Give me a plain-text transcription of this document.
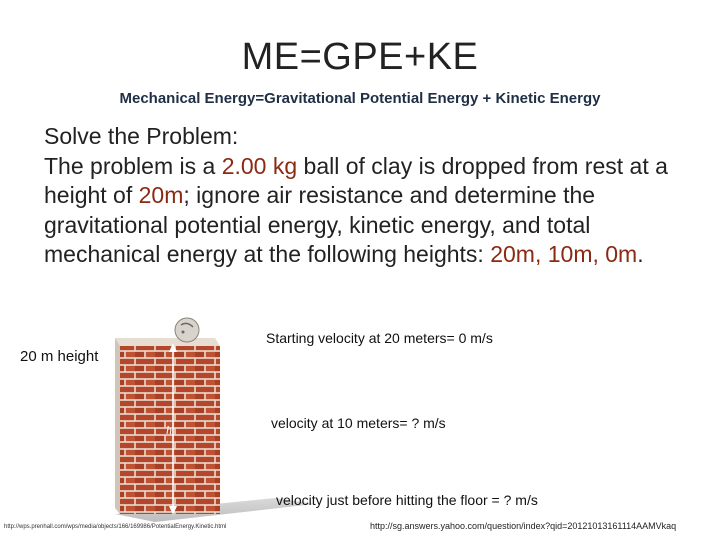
ME=GPE+KE
Mechanical Energy=Gravitational Potential Energy + Kinetic Energy
Solve the Problem:
The problem is a 2.00 kg ball of clay is dropped from rest at a height of 20m; ignore air resistance and determine the gravitational potential energy, kinetic energy, and total mechanical energy at the following heights: 20m, 10m, 0m.
h
20 m height
Starting velocity at 20 meters= 0 m/s
velocity at 10 meters= ? m/s
velocity just before hitting the floor = ? m/s
http://wps.prenhall.com/wps/media/objects/166/169986/PotentialEnergy.Kinetic.html	http://sg.answers.yahoo.com/question/index?qid=20121013161114AAMVkaq
